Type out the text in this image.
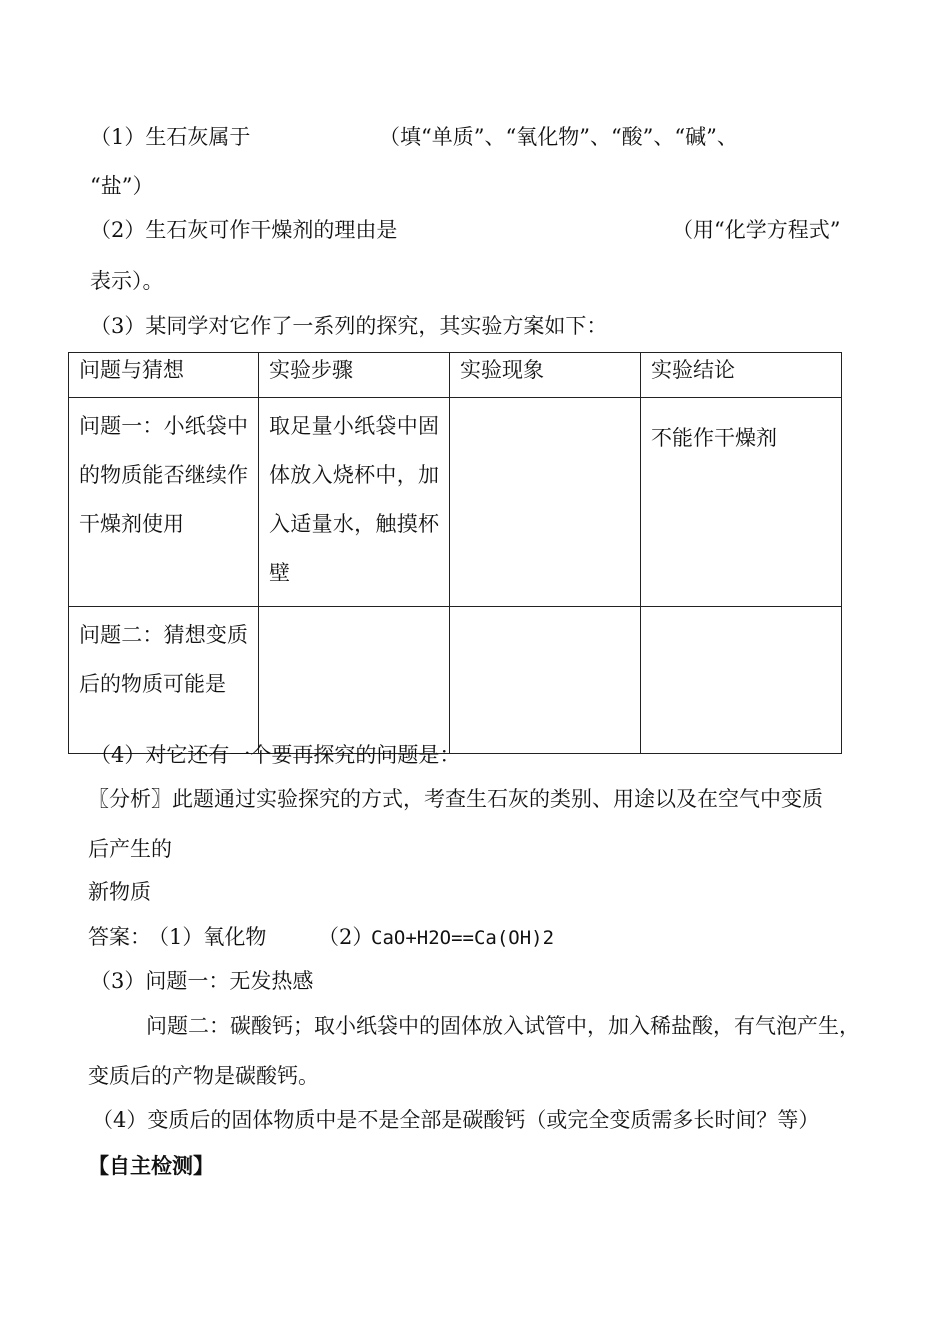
（1）生石灰属于	（填“单质”、“氧化物”、“酸”、“碱”、
“盐”）
（2）生石灰可作干燥剂的理由是	（用“化学方程式”
表示）。
（3）某同学对它作了一系列的探究，其实验方案如下：
问题与猜想	实验步骤	实验现象	实验结论
问题一：小纸袋中的物质能否继续作干燥剂使用	取足量小纸袋中固体放入烧杯中，加入适量水，触摸杯壁		不能作干燥剂
问题二：猜想变质后的物质可能是			
（4）对它还有一个要再探究的问题是：
〖分析〗此题通过实验探究的方式，考查生石灰的类别、用途以及在空气中变质
后产生的
新物质
答案：
（1）氧化物 （2）
CaO+H2O==Ca(OH)2
（3）问题一：无发热感
问题二：碳酸钙；取小纸袋中的固体放入试管中，加入稀盐酸，有气泡产生，
变质后的产物是碳酸钙。
（4）变质后的固体物质中是不是全部是碳酸钙（或完全变质需多长时间？等）
【自主检测】
